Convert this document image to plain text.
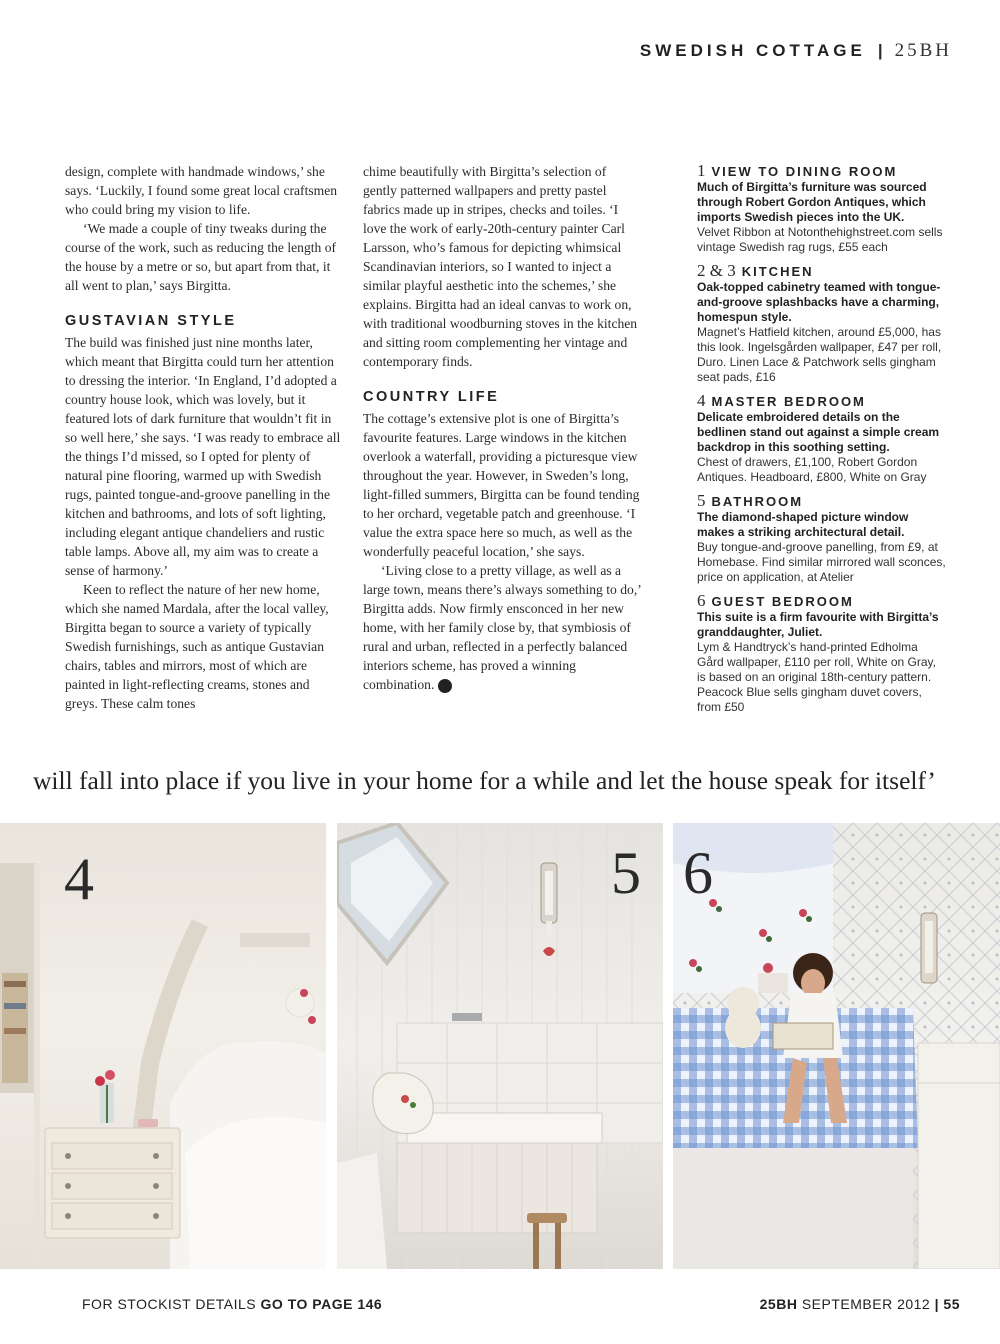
SWEDISH COTTAGE | 25BH

design, complete with handmade windows,’ she says. ‘Luckily, I found some great local craftsmen who could bring my vision to life.

‘We made a couple of tiny tweaks during the course of the work, such as reducing the length of the house by a metre or so, but apart from that, it all went to plan,’ says Birgitta.

GUSTAVIAN STYLE

The build was finished just nine months later, which meant that Birgitta could turn her attention to dressing the interior. ‘In England, I’d adopted a country house look, which was lovely, but it featured lots of dark furniture that wouldn’t fit in so well here,’ she says. ‘I was ready to embrace all the things I’d missed, so I opted for plenty of natural pine flooring, warmed up with Swedish rugs, painted tongue-and-groove panelling in the kitchen and bathrooms, and lots of soft lighting, including elegant antique chandeliers and rustic table lamps. Above all, my aim was to create a sense of harmony.’

Keen to reflect the nature of her new home, which she named Mardala, after the local valley, Birgitta began to source a variety of typically Swedish furnishings, such as antique Gustavian chairs, tables and mirrors, most of which are painted in light-reflecting creams, stones and greys. These calm tones

chime beautifully with Birgitta’s selection of gently patterned wallpapers and pretty pastel fabrics made up in stripes, checks and toiles. ‘I love the work of early-20th-century painter Carl Larsson, who’s famous for depicting whimsical Scandinavian interiors, so I wanted to inject a similar playful aesthetic into the schemes,’ she explains. Birgitta had an ideal canvas to work on, with traditional woodburning stoves in the kitchen and sitting room complementing her vintage and contemporary finds.

COUNTRY LIFE

The cottage’s extensive plot is one of Birgitta’s favourite features. Large windows in the kitchen overlook a waterfall, providing a picturesque view throughout the year. However, in Sweden’s long, light-filled summers, Birgitta can be found tending to her orchard, vegetable patch and greenhouse. ‘I value the extra space here so much, as well as the wonderfully peaceful location,’ she says.

‘Living close to a pretty village, as well as a large town, means there’s always something to do,’ Birgitta adds. Now firmly ensconced in her new home, with her family close by, that symbiosis of rural and urban, reflected in a perfectly balanced interiors scheme, has proved a winning combination.	25

1 VIEW TO DINING ROOM
Much of Birgitta’s furniture was sourced through Robert Gordon Antiques, which imports Swedish pieces into the UK.
Velvet Ribbon at Notonthehighstreet.com sells vintage Swedish rag rugs, £55 each
2 & 3 KITCHEN
Oak-topped cabinetry teamed with tongue-and-groove splashbacks have a charming, homespun style.
Magnet’s Hatfield kitchen, around £5,000, has this look. Ingelsgården wallpaper, £47 per roll, Duro. Linen Lace & Patchwork sells gingham seat pads, £16
4 MASTER BEDROOM
Delicate embroidered details on the bedlinen stand out against a simple cream backdrop in this soothing setting.
Chest of drawers, £1,100, Robert Gordon Antiques. Headboard, £800, White on Gray
5 BATHROOM
The diamond-shaped picture window makes a striking architectural detail.
Buy tongue-and-groove panelling, from £9, at Homebase. Find similar mirrored wall sconces, price on application, at Atelier
6 GUEST BEDROOM
This suite is a firm favourite with Birgitta’s granddaughter, Juliet.
Lym & Handtryck’s hand-printed Edholma Gård wallpaper, £110 per roll, White on Gray, is based on an original 18th-century pattern. Peacock Blue sells gingham duvet covers, from £50
will fall into place if you live in your home for a while and let the house speak for itself’
4	5 6
FOR STOCKIST DETAILS GO TO PAGE 146	25BH SEPTEMBER 2012 | 55
